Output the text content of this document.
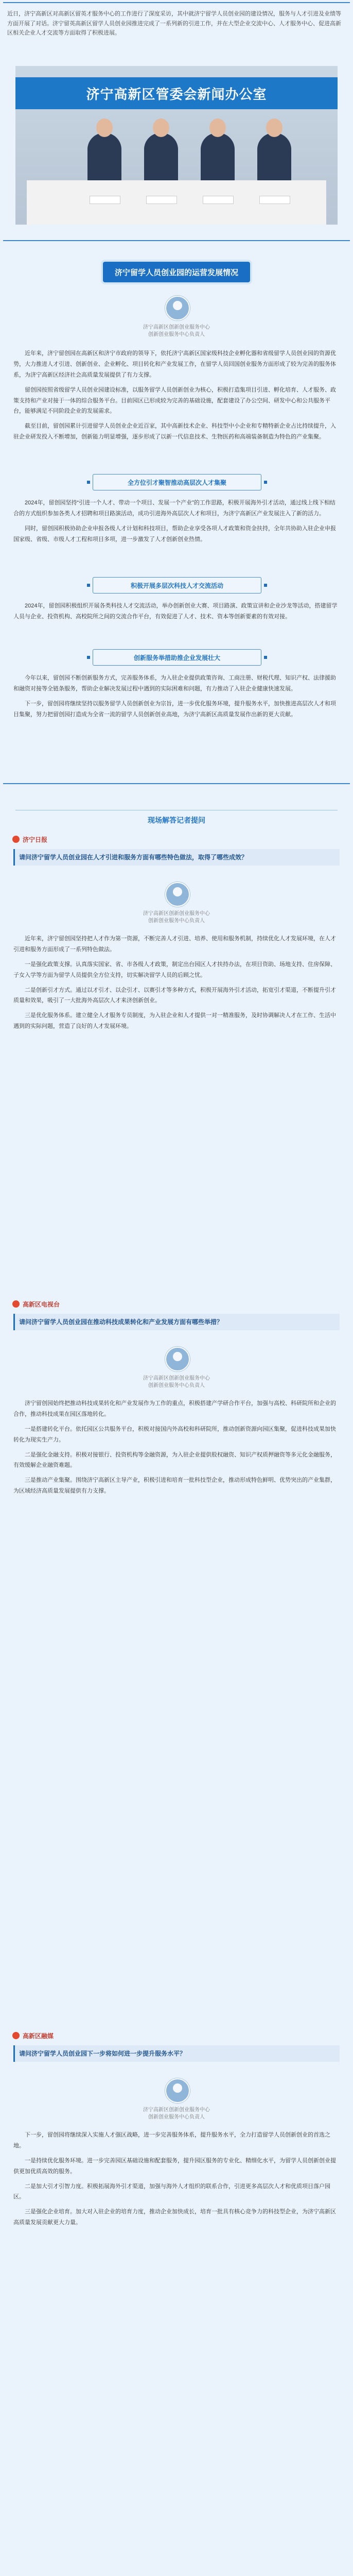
近日，济宁高新区对高新区留英才服务中心的工作进行了深度采访，其中就济宁留学人员创业园的建设情况，服务与人才引进及业绩等方面开展了对话。济宁留英高新区留学人员创业园推进完成了一系列新的引进工作，并在大型企业交流中心、人才服务中心、促进高新区相关企业人才交流等方面取得了积极进展。
济宁高新区管委会新闻办公室
济宁留学人员创业园的运营发展情况
济宁高新区创新创业服务中心
创新创业服务中心负责人

近年来，济宁留创园在高新区和济宁市政府的领导下，依托济宁高新区国家级科技企业孵化器和省级留学人员创业园的资源优势，大力推进人才引进、创新创业、企业孵化、项目转化和产业发展工作，在留学人员回国创业服务方面形成了较为完善的服务体系，为济宁高新区经济社会高质量发展提供了有力支撑。

留创园按照省级留学人员创业园建设标准，以服务留学人员创新创业为核心，积极打造集项目引进、孵化培育、人才服务、政策支持和产业对接于一体的综合服务平台。目前园区已形成较为完善的基础设施，配套建设了办公空间、研发中心和公共服务平台，能够满足不同阶段企业的发展需求。

截至目前，留创园累计引进留学人员创业企业近百家，其中高新技术企业、科技型中小企业和专精特新企业占比持续提升，入驻企业研发投入不断增加，创新能力明显增强，逐步形成了以新一代信息技术、生物医药和高端装备制造为特色的产业集聚。

全方位引才聚智推动高层次人才集聚

2024年，留创园坚持“引进一个人才、带动一个项目、发展一个产业”的工作思路，积极开展海外引才活动，通过线上线下相结合的方式组织参加各类人才招聘和项目路演活动，成功引进海外高层次人才和项目，为济宁高新区产业发展注入了新的活力。

同时，留创园积极协助企业申报各级人才计划和科技项目，帮助企业享受各项人才政策和资金扶持，全年共协助入驻企业申报国家级、省级、市级人才工程和项目多项，进一步激发了人才创新创业热情。

积极开展多层次科技人才交流活动

2024年，留创园积极组织开展各类科技人才交流活动，举办创新创业大赛、项目路演、政策宣讲和企业沙龙等活动，搭建留学人员与企业、投资机构、高校院所之间的交流合作平台，有效促进了人才、技术、资本等创新要素的有效对接。

创新服务举措助推企业发展壮大

今年以来，留创园不断创新服务方式，完善服务体系，为入驻企业提供政策咨询、工商注册、财税代理、知识产权、法律援助和融资对接等全链条服务，帮助企业解决发展过程中遇到的实际困难和问题，有力推动了入驻企业健康快速发展。

下一步，留创园将继续坚持以服务留学人员创新创业为宗旨，进一步优化服务环境，提升服务水平，加快推进高层次人才和项目集聚，努力把留创园打造成为全省一流的留学人员创新创业高地，为济宁高新区高质量发展作出新的更大贡献。

现场解答记者提问
济宁日报
请问济宁留学人员创业园在人才引进和服务方面有哪些特色做法，取得了哪些成效？
济宁高新区创新创业服务中心
创新创业服务中心负责人

近年来，济宁留创园坚持把人才作为第一资源，不断完善人才引进、培养、使用和服务机制，持续优化人才发展环境，在人才引进和服务方面形成了一系列特色做法。

一是强化政策支撑。认真落实国家、省、市各级人才政策，制定出台园区人才扶持办法，在项目资助、场地支持、住房保障、子女入学等方面为留学人员提供全方位支持，切实解决留学人员的后顾之忧。

二是创新引才方式。通过以才引才、以企引才、以赛引才等多种方式，积极开展海外引才活动，拓宽引才渠道，不断提升引才质量和效果，吸引了一大批海外高层次人才来济创新创业。

三是优化服务体系。建立健全人才服务专员制度，为入驻企业和人才提供一对一精准服务，及时协调解决人才在工作、生活中遇到的实际问题，营造了良好的人才发展环境。

高新区电视台
请问济宁留学人员创业园在推动科技成果转化和产业发展方面有哪些举措？
济宁高新区创新创业服务中心
创新创业服务中心负责人

济宁留创园始终把推动科技成果转化和产业发展作为工作的重点，积极搭建产学研合作平台，加强与高校、科研院所和企业的合作，推动科技成果在园区落地转化。

一是搭建转化平台。依托园区公共服务平台，积极对接国内外高校和科研院所，推动创新资源向园区集聚，促进科技成果加快转化为现实生产力。

二是强化金融支持。积极对接银行、投资机构等金融资源，为入驻企业提供股权融资、知识产权质押融资等多元化金融服务，有效缓解企业融资难题。

三是推动产业集聚。围绕济宁高新区主导产业，积极引进和培育一批科技型企业，推动形成特色鲜明、优势突出的产业集群，为区域经济高质量发展提供有力支撑。

高新区融媒
请问济宁留学人员创业园下一步将如何进一步提升服务水平？
济宁高新区创新创业服务中心
创新创业服务中心负责人

下一步，留创园将继续深入实施人才强区战略，进一步完善服务体系，提升服务水平，全力打造留学人员创新创业的首选之地。

一是持续优化服务环境。进一步完善园区基础设施和配套服务，提升园区服务的专业化、精细化水平，为留学人员创新创业提供更加优质高效的服务。

二是加大引才引智力度。积极拓展海外引才渠道，加强与海外人才组织的联系合作，引进更多高层次人才和优质项目落户园区。

三是强化企业培育。加大对入驻企业的培育力度，推动企业加快成长，培育一批具有核心竞争力的科技型企业，为济宁高新区高质量发展贡献更大力量。
